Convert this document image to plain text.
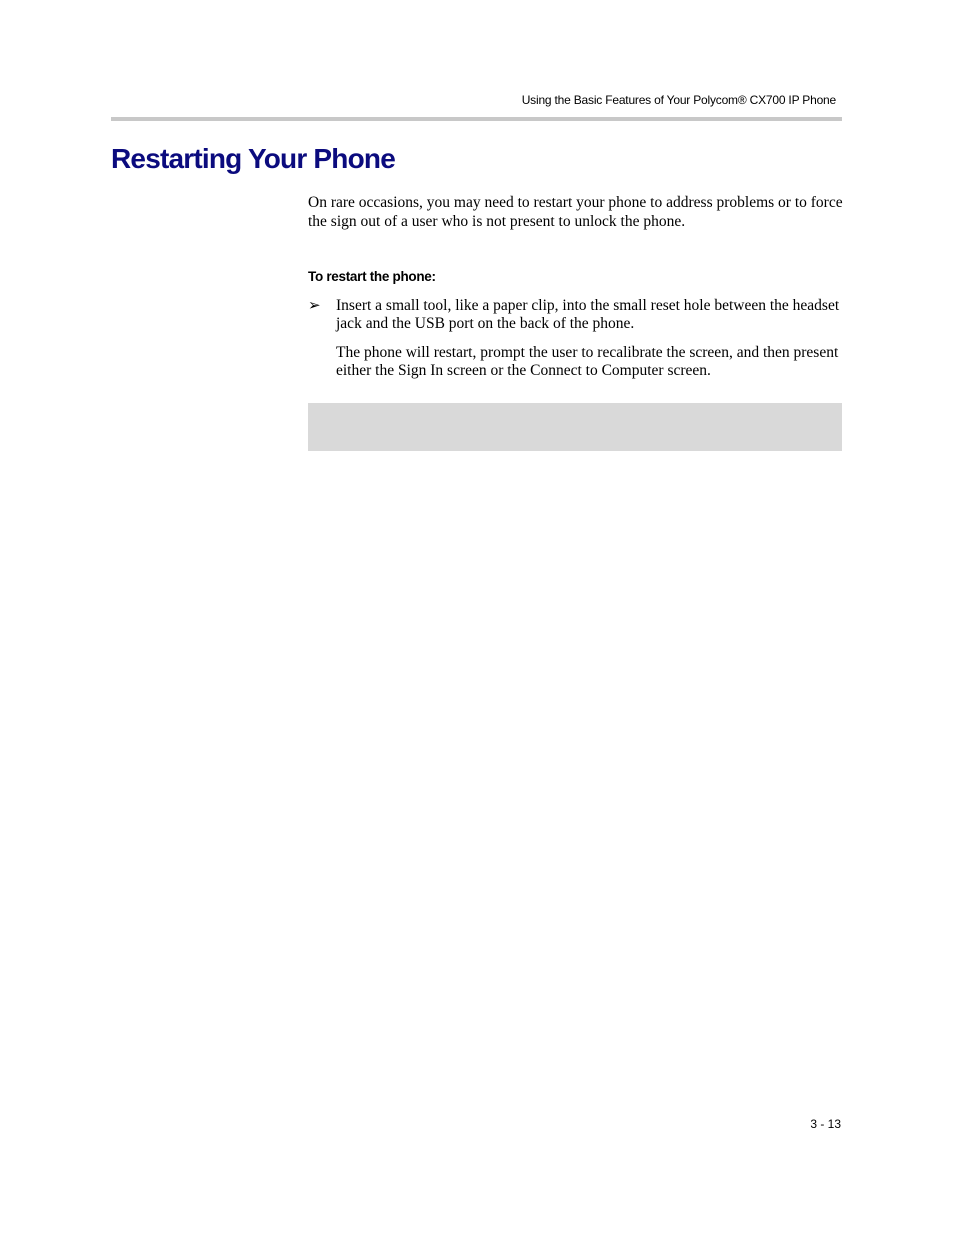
Using the Basic Features of Your Polycom® CX700 IP Phone
Restarting Your Phone

On rare occasions, you may need to restart your phone to address problems or to force the sign out of a user who is not present to unlock the phone.

To restart the phone:

➢ Insert a small tool, like a paper clip, into the small reset hole between the headset jack and the USB port on the back of the phone.

The phone will restart, prompt the user to recalibrate the screen, and then present either the Sign In screen or the Connect to Computer screen.

3 - 13
